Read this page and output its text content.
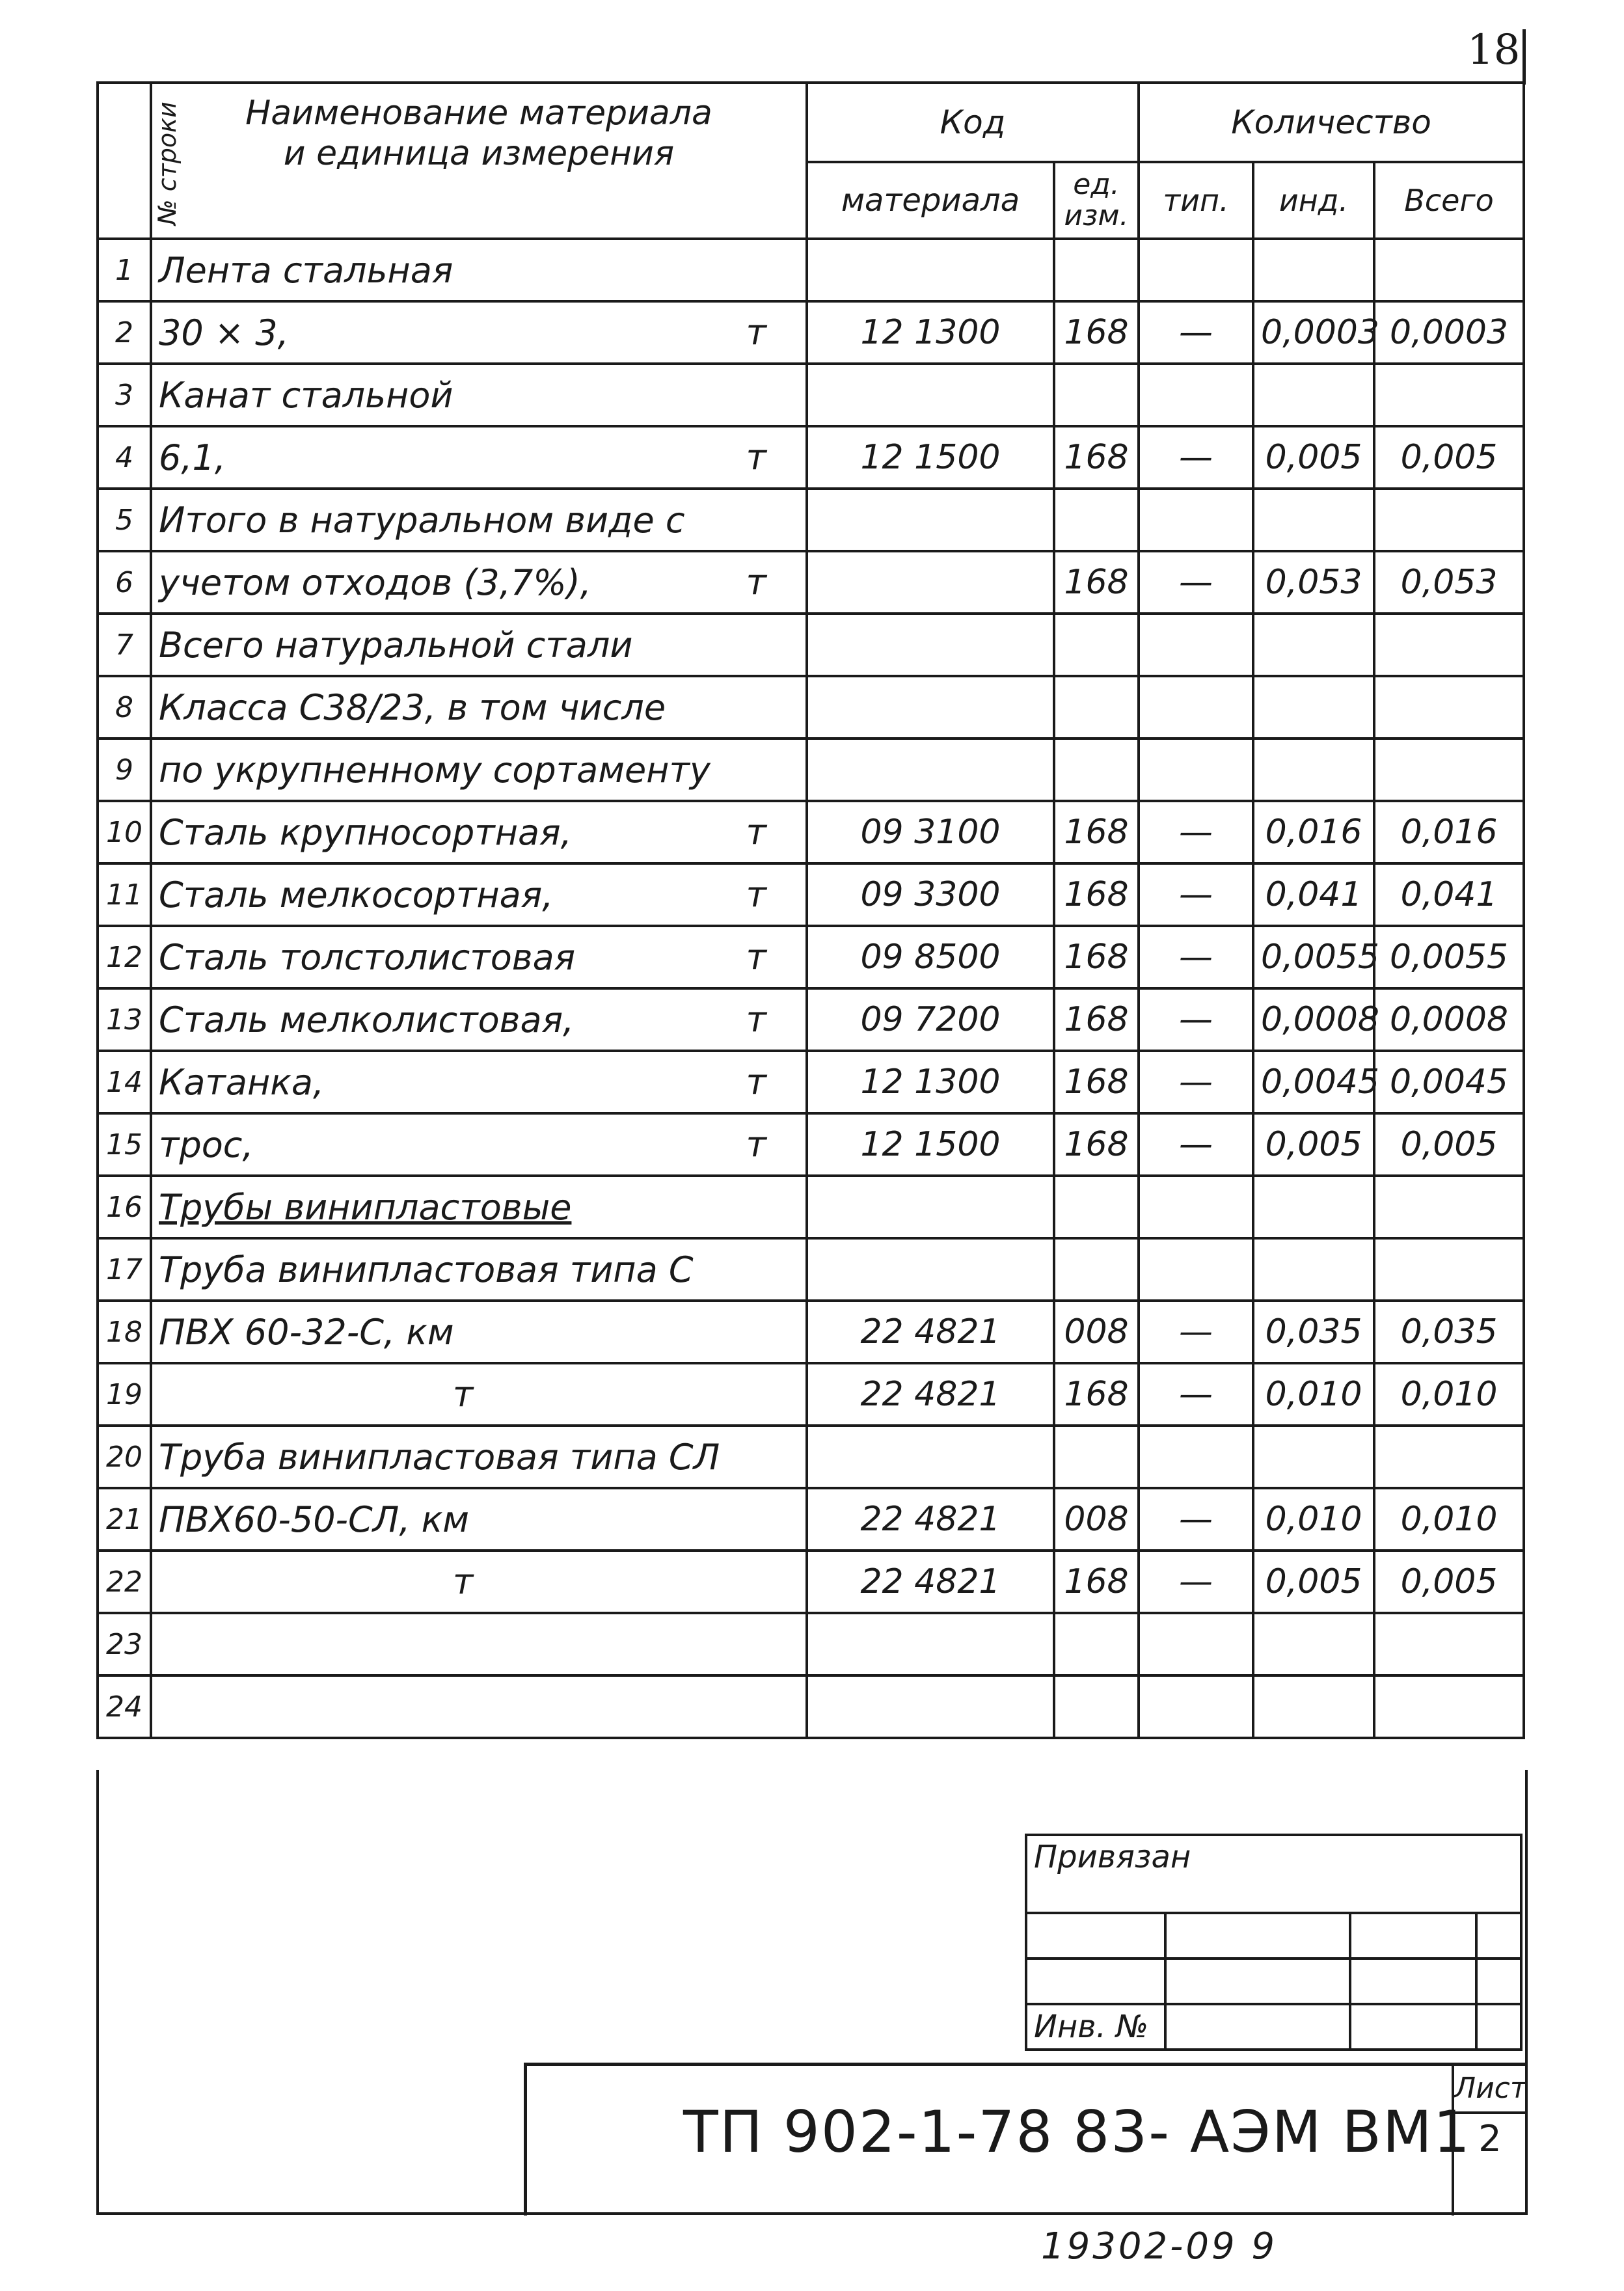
18
№ строки	Наименование материала
и единица измерения	Код		Количество		
		материала	ед. изм.	тип.	инд.	Всего
1	Лента стальная

2	30 × 3, т	12 1300	168	—	0,0003	0,0003
3	Канат стальной

4	6,1, т	12 1500	168	—	0,005	0,005
5	Итого в натуральном виде с

6	учетом отходов (3,7%), т		168	—	0,053	0,053
7	Всего натуральной стали

8	Класса С38/23, в том числе

9	по укрупненному сортаменту

10	Сталь крупносортная, т	09 3100	168	—	0,016	0,016
11	Сталь мелкосортная, т	09 3300	168	—	0,041	0,041
12	Сталь толстолистовая т	09 8500	168	—	0,0055	0,0055
13	Сталь мелколистовая, т	09 7200	168	—	0,0008	0,0008
14	Катанка, т	12 1300	168	—	0,0045	0,0045
15	трос, т	12 1500	168	—	0,005	0,005
16	Трубы винипластовые

17	Труба винипластовая типа С

18	ПВХ 60-32-С, км	22 4821	008	—	0,035	0,035
19	т	22 4821	168	—	0,010	0,010
20	Труба винипластовая типа СЛ

21	ПВХ60-50-СЛ, км	22 4821	008	—	0,010	0,010
22	т	22 4821	168	—	0,005	0,005
23	

24	

Привязан			

Инв. №			
ТП 902-1-78 83- АЭМ ВМ1
Лист
2
19302-09 9
